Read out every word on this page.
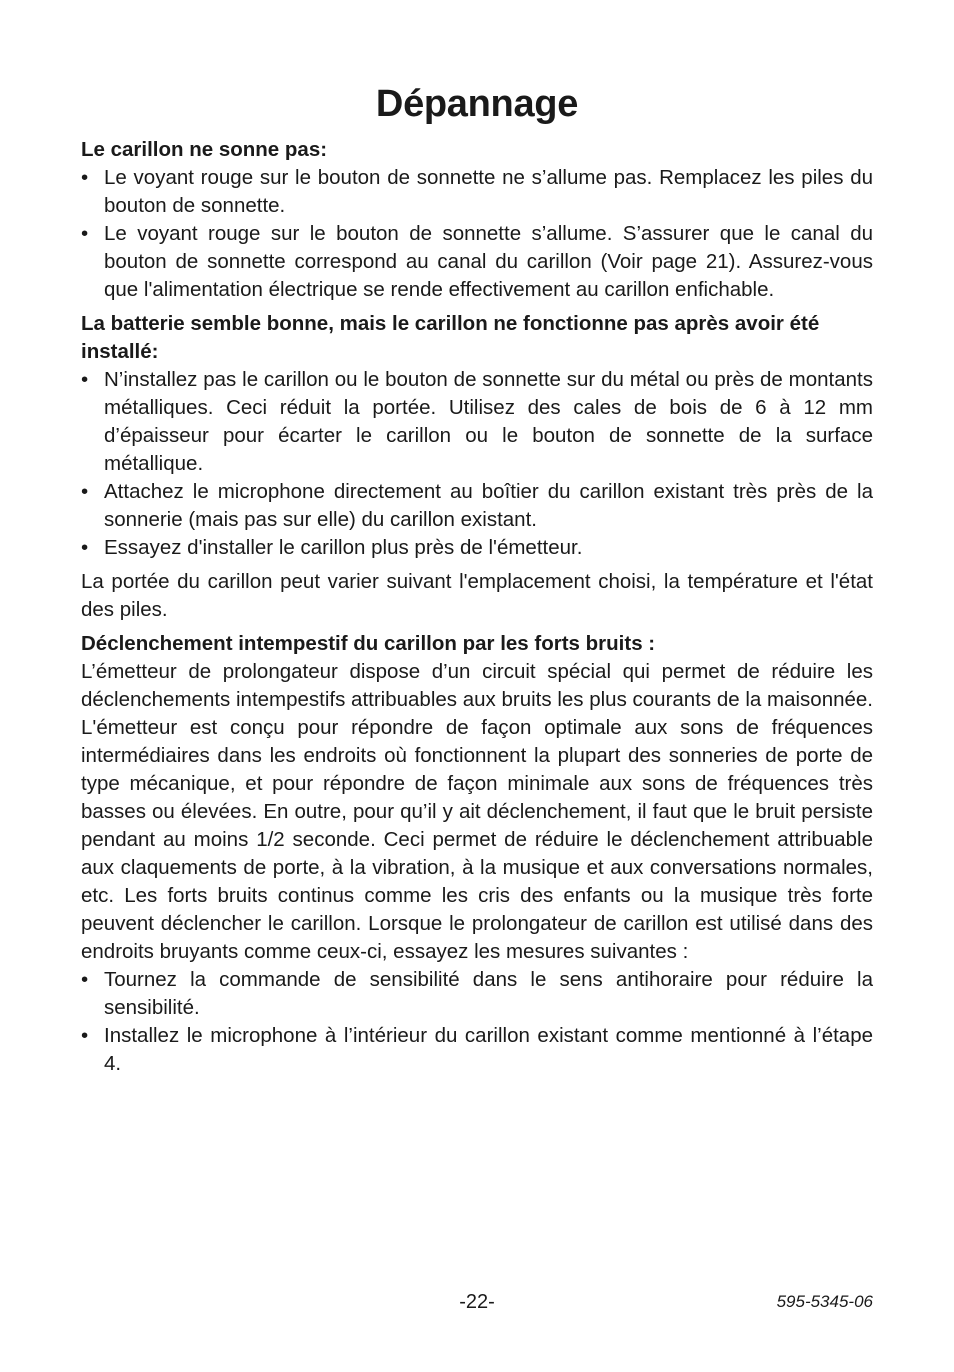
Dépannage

Le carillon ne sonne pas:

• Le voyant rouge sur le bouton de sonnette ne s’allume pas. Remplacez les piles du bouton de sonnette.
• Le voyant rouge sur le bouton de sonnette s’allume. S’assurer que le canal du bouton de sonnette correspond au canal du carillon (Voir page 21). Assurez-vous que l'alimentation électrique se rende effectivement au carillon enfichable.

La batterie semble bonne, mais le carillon ne fonctionne pas après avoir été installé:

• N’installez pas le carillon ou le bouton de sonnette sur du métal ou près de montants métalliques. Ceci réduit la portée. Utilisez des cales de bois de 6 à 12 mm d’épaisseur pour écarter le carillon ou le bouton de sonnette de la surface métallique.
• Attachez le microphone directement au boîtier du carillon existant très près de la sonnerie (mais pas sur elle) du carillon existant.
• Essayez d'installer le carillon plus près de l'émetteur.

La portée du carillon peut varier suivant l'emplacement choisi, la température et l'état des piles.

Déclenchement intempestif du carillon par les forts bruits :

L’émetteur de prolongateur dispose d’un circuit spécial qui permet de réduire les déclenchements intempestifs attribuables aux bruits les plus courants de la maisonnée. L'émetteur est conçu pour répondre de façon optimale aux sons de fréquences intermédiaires dans les endroits où fonctionnent la plupart des sonneries de porte de type mécanique, et pour répondre de façon minimale aux sons de fréquences très basses ou élevées. En outre, pour qu’il y ait déclenchement, il faut que le bruit persiste pendant au moins 1/2 seconde. Ceci permet de réduire le déclenchement attribuable aux claquements de porte, à la vibration, à la musique et aux conversations normales, etc. Les forts bruits continus comme les cris des enfants ou la musique très forte peuvent déclencher le carillon. Lorsque le prolongateur de carillon est utilisé dans des endroits bruyants comme ceux-ci, essayez les mesures suivantes :

• Tournez la commande de sensibilité dans le sens antihoraire pour réduire la sensibilité.
• Installez le microphone à l’intérieur du carillon existant comme mentionné à l’étape 4.
-22-	595-5345-06
